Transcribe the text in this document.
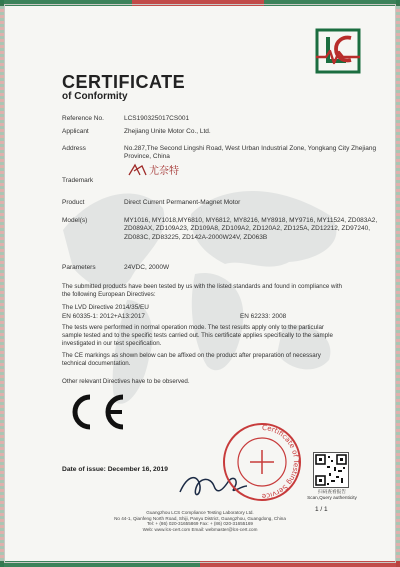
CERTIFICATE
of Conformity
Reference No.	LCS190325017CS001
Applicant	Zhejiang Unite Motor Co., Ltd.
Address	No.287,The Second Lingshi Road, West Urban Industrial Zone, Yongkang City Zhejiang Province, China
Trademark
尤奈特
Product	Direct Current Permanent-Magnet Motor
Model(s)	MY1016, MY1018,MY6810, MY6812, MY8216, MY8918, MY9716, MY11524, ZD083A2, ZD089AX, ZD109A23, ZD109A8, ZD109A2, ZD120A2, ZD125A, ZD12212, ZD97240, ZD083C, ZD83225, ZD142A-2000W24V, ZD063B
Parameters	24VDC, 2000W
The submitted products have been tested by us with the listed standards and found in compliance with the following European Directives:
The LVD Directive 2014/35/EU
EN 60335-1: 2012+A13:2017	EN 62233: 2008
The tests were performed in normal operation mode. The test results apply only to the particular sample tested and to the specific tests carried out. This certificate applies specifically to the sample investigated in our test specification.
The CE markings as shown below can be affixed on the product after preparation of necessary technical documentation.
Other relevant Directives have to be observed.
Date of issue: December 16, 2019
Certificate of Testing Service
扫码查看报告
Scan,Query authenticity
1 / 1
Guangzhou LCS Compliance Testing Laboratory Ltd.
No 44-1, Qianfeng North Road, Shiji, Panyu District, Guangzhou, Guangdong, China
Tel: + (86) 020-31655869 Fax: + (86) 020-31655169
Web: www.lcs-cert.com Email: webmaster@lcs-cert.com
